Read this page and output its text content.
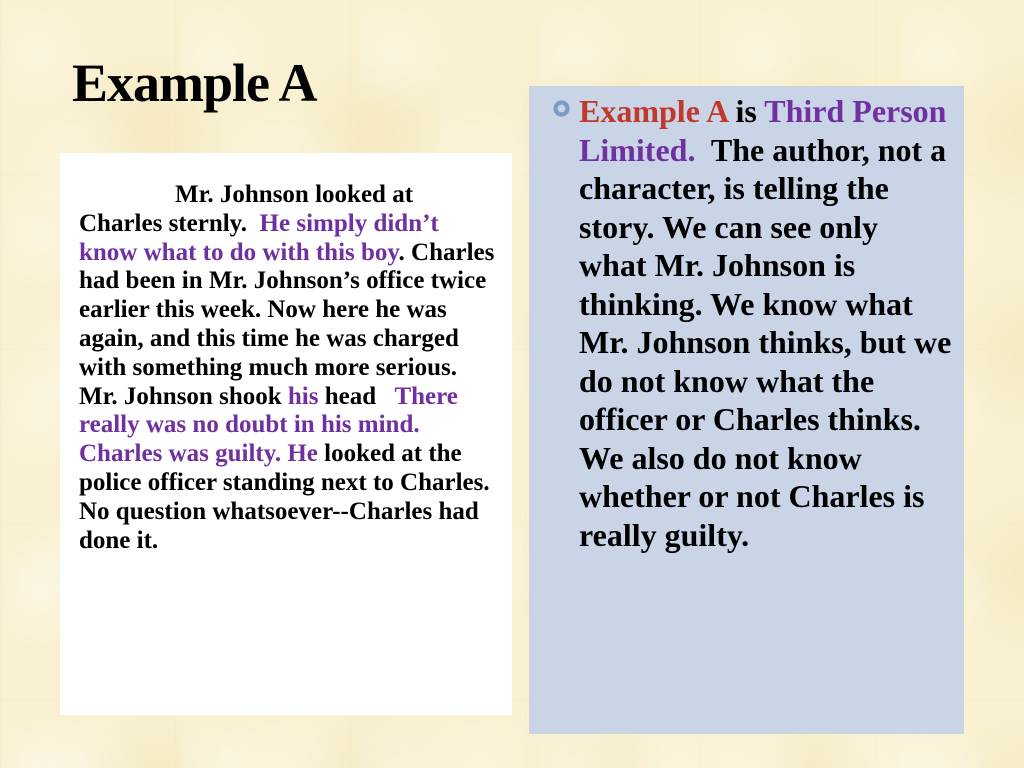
Example A

Mr. Johnson looked at Charles sternly. He simply didn’t know what to do with this boy. Charles had been in Mr. Johnson’s office twice earlier this week. Now here he was again, and this time he was charged with something much more serious. Mr. Johnson shook his head There really was no doubt in his mind. Charles was guilty. He looked at the police officer standing next to Charles. No question whatsoever--Charles had done it.

Example A is Third Person Limited. The author, not a character, is telling the story. We can see only what Mr. Johnson is thinking. We know what Mr. Johnson thinks, but we do not know what the officer or Charles thinks. We also do not know whether or not Charles is really guilty.
